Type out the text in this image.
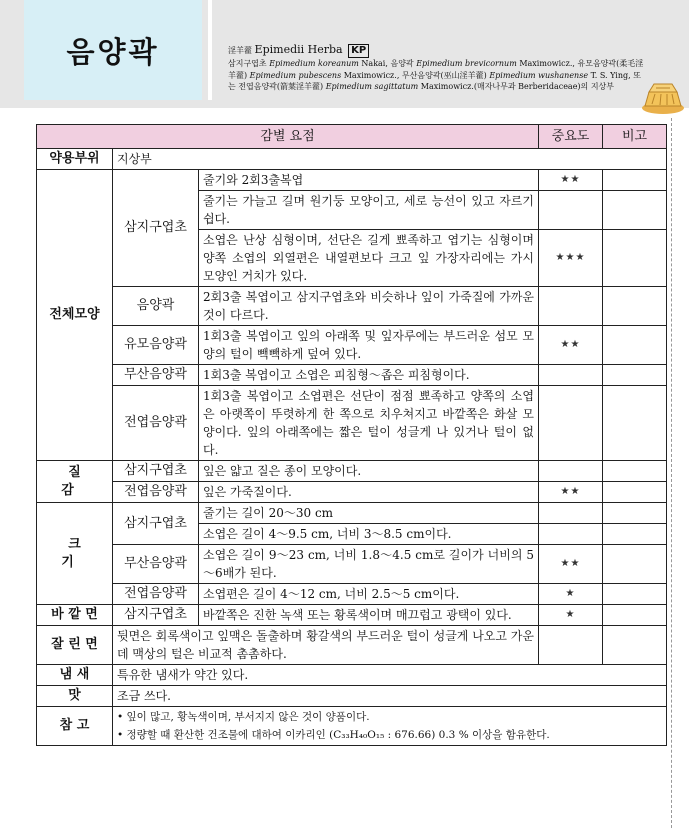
음양곽	淫羊藿 Epimedii Herba KP
삼지구엽초 Epimedium koreanum Nakai, 음양곽 Epimedium brevicornum Maximowicz., 유모음양곽(柔毛淫羊藿) Epimedium pubescens Maximowicz., 무산음양곽(巫山淫羊藿) Epimedium wushanense T. S. Ying, 또는 전엽음양곽(箭葉淫羊藿) Epimedium sagittatum Maximowicz.(매자나무과 Berberidaceae)의 지상부
감별 요점			중요도	비고
약용부위	지상부			
전체모양	삼지구엽초	줄기와 2회3출복엽	★★	
		줄기는 가늘고 길며 원기둥 모양이고, 세로 능선이 있고 자르기 쉽다.		
		소엽은 난상 심형이며, 선단은 길게 뾰족하고 엽기는 심형이며 양쪽 소엽의 외열편은 내열편보다 크고 잎 가장자리에는 가시 모양인 거치가 있다.	★★★	
	음양곽	2회3출 복엽이고 삼지구엽초와 비슷하나 잎이 가죽질에 가까운 것이 다르다.		
	유모음양곽	1회3출 복엽이고 잎의 아래쪽 및 잎자루에는 부드러운 섬모 모양의 털이 빽빽하게 덮여 있다.	★★	
	무산음양곽	1회3출 복엽이고 소엽은 피침형～좁은 피침형이다.		
	전엽음양곽	1회3출 복엽이고 소엽편은 선단이 점점 뾰족하고 양쪽의 소엽은 아랫쪽이 뚜렷하게 한 쪽으로 치우쳐지고 바깥쪽은 화살 모양이다. 잎의 아래쪽에는 짧은 털이 성글게 나 있거나 털이 없다.		
질 감	삼지구엽초	잎은 얇고 질은 종이 모양이다.		
	전엽음양곽	잎은 가죽질이다.	★★	
크 기	삼지구엽초	줄기는 길이 20～30 cm		
		소엽은 길이 4～9.5 cm, 너비 3～8.5 cm이다.		
	무산음양곽	소엽은 길이 9～23 cm, 너비 1.8～4.5 cm로 길이가 너비의 5～6배가 된다.	★★	
	전엽음양곽	소엽편은 길이 4～12 cm, 너비 2.5～5 cm이다.	★	
바 깥 면	삼지구엽초	바깥쪽은 진한 녹색 또는 황록색이며 매끄럽고 광택이 있다.	★	
잘 린 면	뒷면은 회록색이고 잎맥은 돌출하며 황갈색의 부드러운 털이 성글게 나오고 가운데 맥상의 털은 비교적 촘촘하다.			
냄 새	특유한 냄새가 약간 있다.			
맛	조금 쓰다.			
참 고	• 잎이 많고, 황녹색이며, 부서지지 않은 것이 양품이다.
• 정량할 때 환산한 건조물에 대하여 이카리인 (C₃₃H₄₀O₁₅ : 676.66) 0.3 % 이상을 함유한다.			
